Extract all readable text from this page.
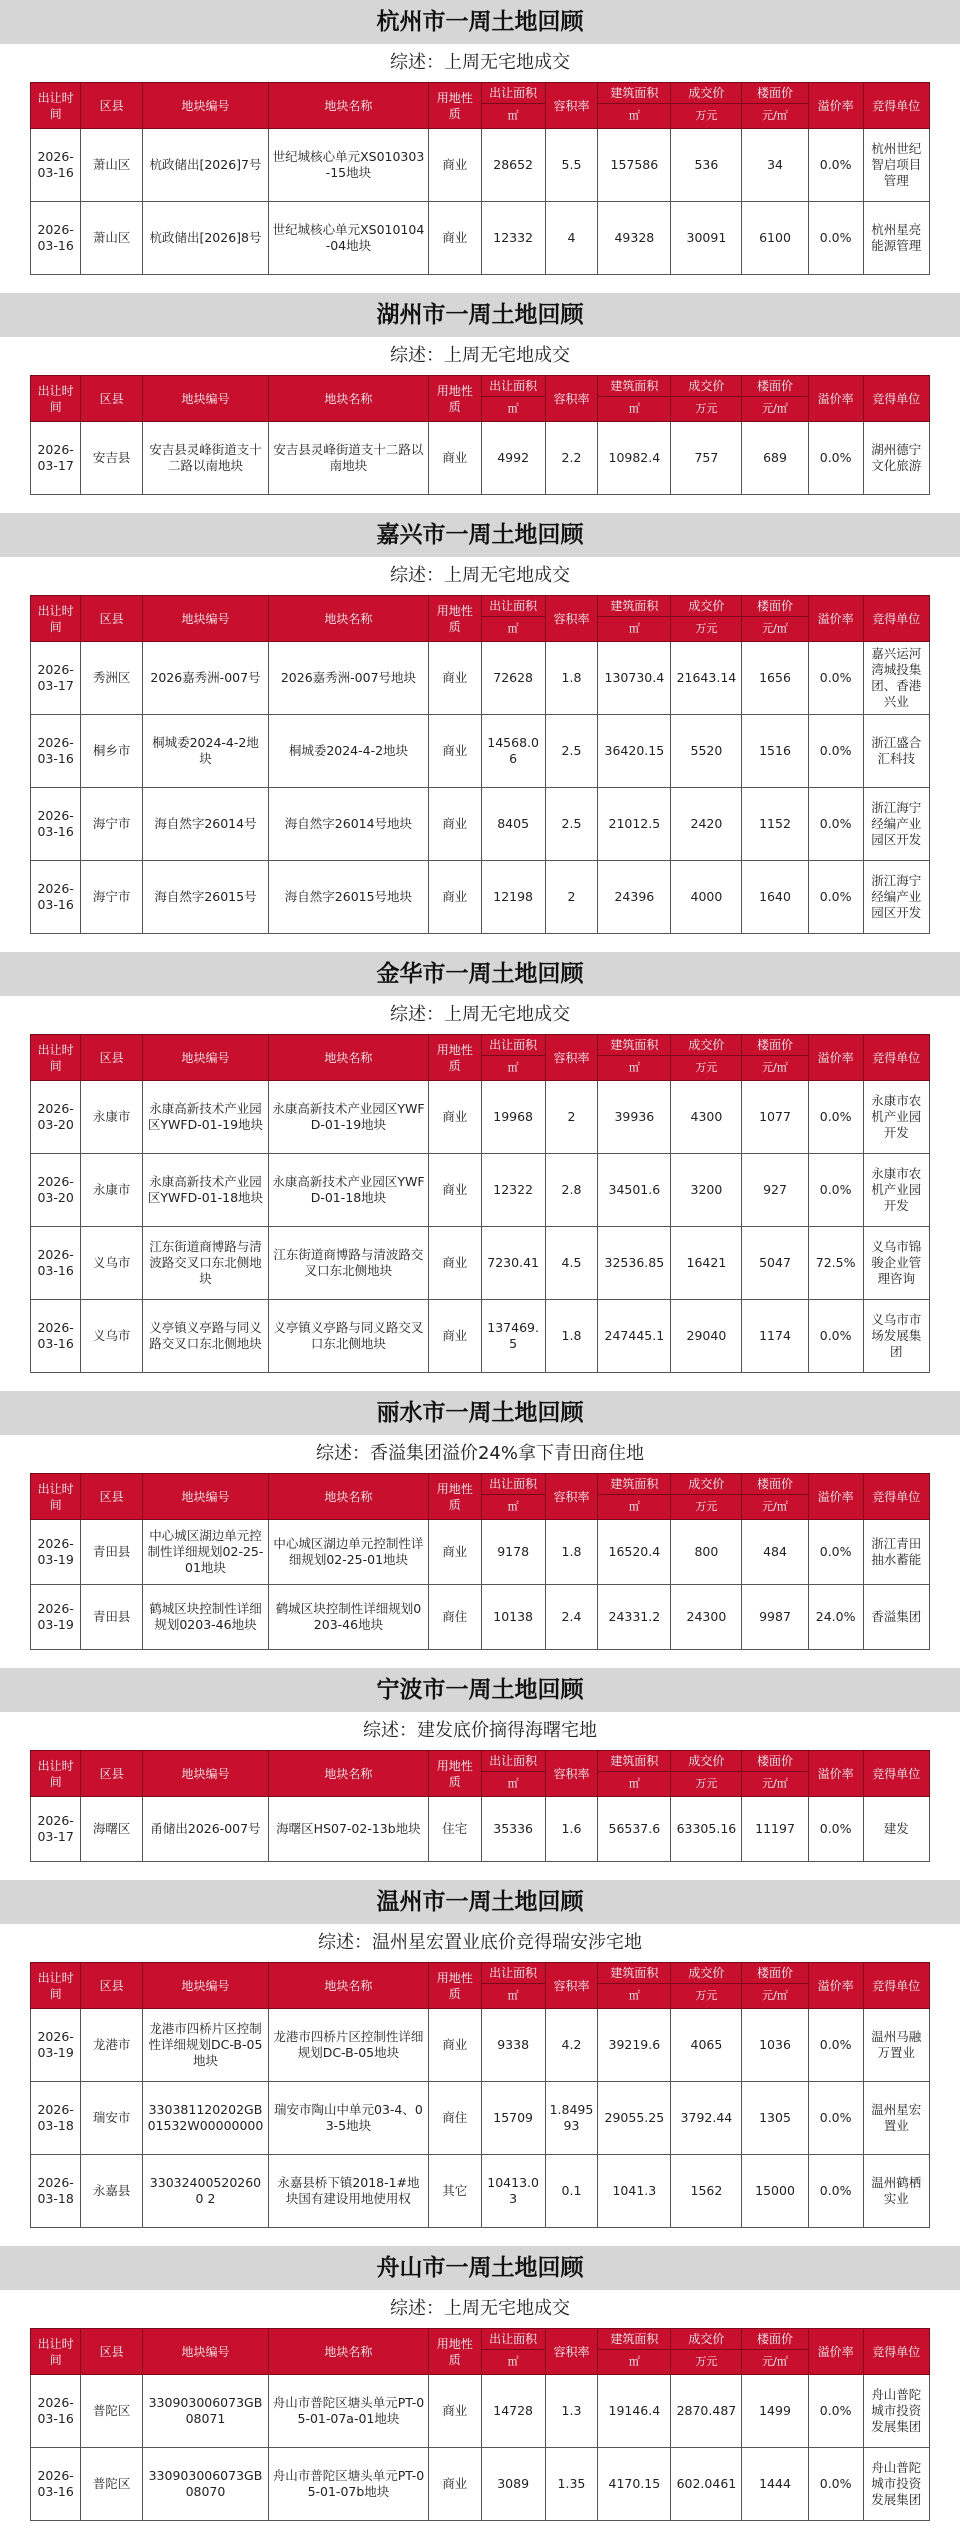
杭州市一周土地回顾
综述：上周无宅地成交
出让时间	区县	地块编号	地块名称	用地性质	出让面积	容积率	建筑面积	成交价	楼面价	溢价率	竞得单位
					㎡		㎡	万元	元/㎡		
2026-03-16	萧山区	杭政储出[2026]7号	世纪城核心单元XS010303-15地块	商业	28652	5.5	157586	536	34	0.0%	杭州世纪智启项目管理
2026-03-16	萧山区	杭政储出[2026]8号	世纪城核心单元XS010104-04地块	商业	12332	4	49328	30091	6100	0.0%	杭州星亮能源管理
湖州市一周土地回顾
综述：上周无宅地成交
出让时间	区县	地块编号	地块名称	用地性质	出让面积	容积率	建筑面积	成交价	楼面价	溢价率	竞得单位
					㎡		㎡	万元	元/㎡		
2026-03-17	安吉县	安吉县灵峰街道支十二路以南地块	安吉县灵峰街道支十二路以南地块	商业	4992	2.2	10982.4	757	689	0.0%	湖州德宁文化旅游
嘉兴市一周土地回顾
综述：上周无宅地成交
出让时间	区县	地块编号	地块名称	用地性质	出让面积	容积率	建筑面积	成交价	楼面价	溢价率	竞得单位
					㎡		㎡	万元	元/㎡		
2026-03-17	秀洲区	2026嘉秀洲-007号	2026嘉秀洲-007号地块	商业	72628	1.8	130730.4	21643.14	1656	0.0%	嘉兴运河湾城投集团、香港兴业
2026-03-16	桐乡市	桐城委2024-4-2地块	桐城委2024-4-2地块	商业	14568.06	2.5	36420.15	5520	1516	0.0%	浙江盛合汇科技
2026-03-16	海宁市	海自然字26014号	海自然字26014号地块	商业	8405	2.5	21012.5	2420	1152	0.0%	浙江海宁经编产业园区开发
2026-03-16	海宁市	海自然字26015号	海自然字26015号地块	商业	12198	2	24396	4000	1640	0.0%	浙江海宁经编产业园区开发
金华市一周土地回顾
综述：上周无宅地成交
出让时间	区县	地块编号	地块名称	用地性质	出让面积	容积率	建筑面积	成交价	楼面价	溢价率	竞得单位
					㎡		㎡	万元	元/㎡		
2026-03-20	永康市	永康高新技术产业园区YWFD-01-19地块	永康高新技术产业园区YWFD-01-19地块	商业	19968	2	39936	4300	1077	0.0%	永康市农机产业园开发
2026-03-20	永康市	永康高新技术产业园区YWFD-01-18地块	永康高新技术产业园区YWFD-01-18地块	商业	12322	2.8	34501.6	3200	927	0.0%	永康市农机产业园开发
2026-03-16	义乌市	江东街道商博路与清波路交叉口东北侧地块	江东街道商博路与清波路交叉口东北侧地块	商业	7230.41	4.5	32536.85	16421	5047	72.5%	义乌市锦骏企业管理咨询
2026-03-16	义乌市	义亭镇义亭路与同义路交叉口东北侧地块	义亭镇义亭路与同义路交叉口东北侧地块	商业	137469.5	1.8	247445.1	29040	1174	0.0%	义乌市市场发展集团
丽水市一周土地回顾
综述：香溢集团溢价24%拿下青田商住地
出让时间	区县	地块编号	地块名称	用地性质	出让面积	容积率	建筑面积	成交价	楼面价	溢价率	竞得单位
					㎡		㎡	万元	元/㎡		
2026-03-19	青田县	中心城区湖边单元控制性详细规划02-25-01地块	中心城区湖边单元控制性详细规划02-25-01地块	商业	9178	1.8	16520.4	800	484	0.0%	浙江青田抽水蓄能
2026-03-19	青田县	鹤城区块控制性详细规划0203-46地块	鹤城区块控制性详细规划0203-46地块	商住	10138	2.4	24331.2	24300	9987	24.0%	香溢集团
宁波市一周土地回顾
综述：建发底价摘得海曙宅地
出让时间	区县	地块编号	地块名称	用地性质	出让面积	容积率	建筑面积	成交价	楼面价	溢价率	竞得单位
					㎡		㎡	万元	元/㎡		
2026-03-17	海曙区	甬储出2026-007号	海曙区HS07-02-13b地块	住宅	35336	1.6	56537.6	63305.16	11197	0.0%	建发
温州市一周土地回顾
综述：温州星宏置业底价竞得瑞安涉宅地
出让时间	区县	地块编号	地块名称	用地性质	出让面积	容积率	建筑面积	成交价	楼面价	溢价率	竞得单位
					㎡		㎡	万元	元/㎡		
2026-03-19	龙港市	龙港市四桥片区控制性详细规划DC-B-05地块	龙港市四桥片区控制性详细规划DC-B-05地块	商业	9338	4.2	39219.6	4065	1036	0.0%	温州马融万置业
2026-03-18	瑞安市	330381120202GB01532W00000000	瑞安市陶山中单元03-4、03-5地块	商住	15709	1.849593	29055.25	3792.44	1305	0.0%	温州星宏置业
2026-03-18	永嘉县	330324005202600 2	永嘉县桥下镇2018-1#地块国有建设用地使用权	其它	10413.03	0.1	1041.3	1562	15000	0.0%	温州鹤栖实业
舟山市一周土地回顾
综述：上周无宅地成交
出让时间	区县	地块编号	地块名称	用地性质	出让面积	容积率	建筑面积	成交价	楼面价	溢价率	竞得单位
					㎡		㎡	万元	元/㎡		
2026-03-16	普陀区	330903006073GB08071	舟山市普陀区塘头单元PT-05-01-07a-01地块	商业	14728	1.3	19146.4	2870.487	1499	0.0%	舟山普陀城市投资发展集团
2026-03-16	普陀区	330903006073GB08070	舟山市普陀区塘头单元PT-05-01-07b地块	商业	3089	1.35	4170.15	602.0461	1444	0.0%	舟山普陀城市投资发展集团
